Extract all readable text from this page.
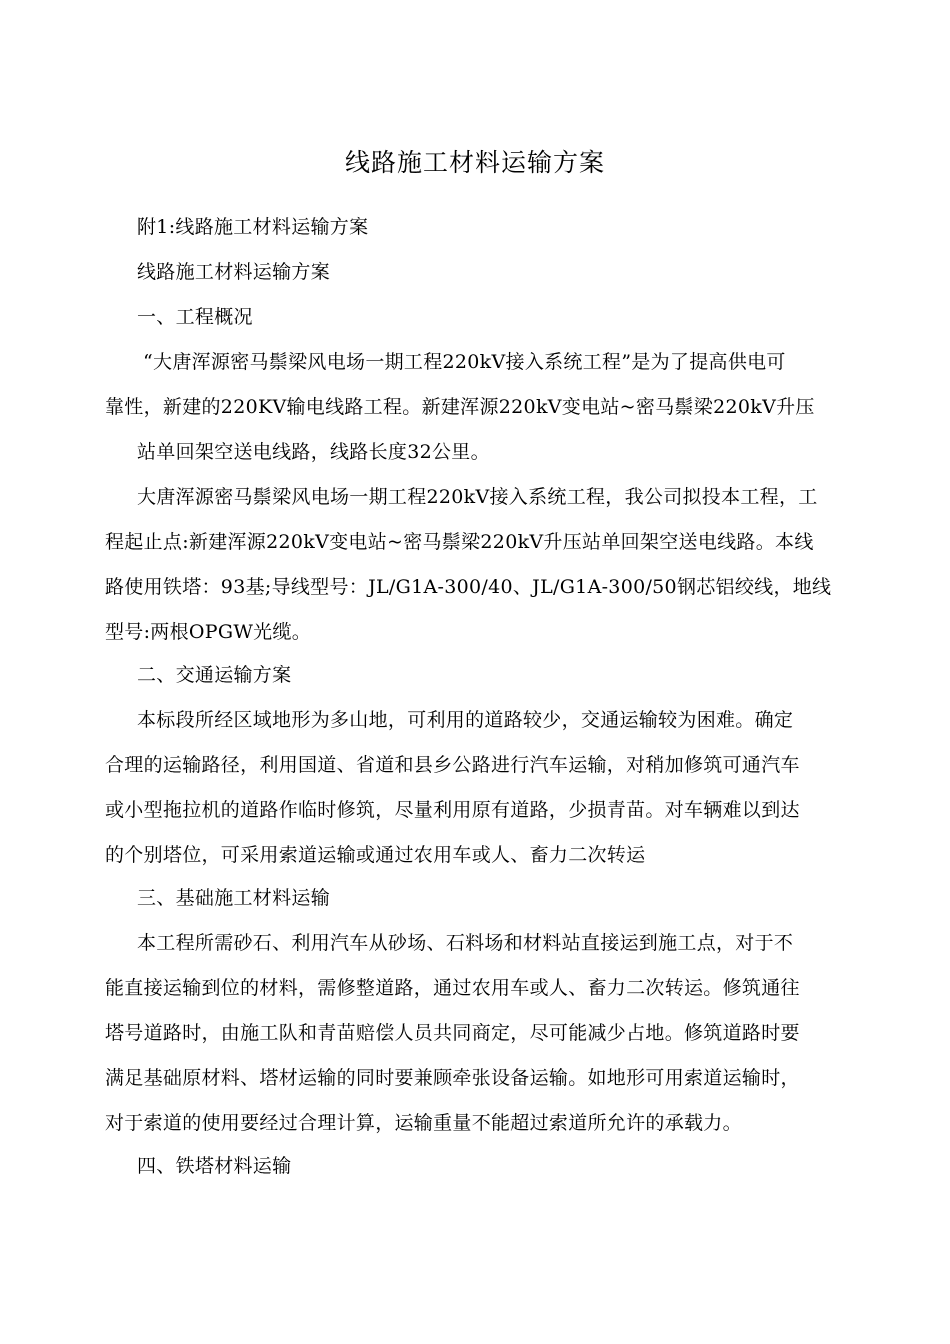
线路施工材料运输方案
附1:线路施工材料运输方案
线路施工材料运输方案
一、工程概况
“大唐浑源密马鬃梁风电场一期工程220kV接入系统工程”是为了提高供电可
靠性，新建的220KV输电线路工程。新建浑源220kV变电站~密马鬃梁220kV升压
站单回架空送电线路，线路长度32公里。
大唐浑源密马鬃梁风电场一期工程220kV接入系统工程，我公司拟投本工程，工
程起止点:新建浑源220kV变电站~密马鬃梁220kV升压站单回架空送电线路。本线
路使用铁塔：93基;导线型号：JL/G1A-300/40、JL/G1A-300/50钢芯铝绞线，地线
型号:两根OPGW光缆。
二、交通运输方案
本标段所经区域地形为多山地，可利用的道路较少，交通运输较为困难。确定
合理的运输路径，利用国道、省道和县乡公路进行汽车运输，对稍加修筑可通汽车
或小型拖拉机的道路作临时修筑，尽量利用原有道路，少损青苗。对车辆难以到达
的个别塔位，可采用索道运输或通过农用车或人、畜力二次转运
三、基础施工材料运输
本工程所需砂石、利用汽车从砂场、石料场和材料站直接运到施工点，对于不
能直接运输到位的材料，需修整道路，通过农用车或人、畜力二次转运。修筑通往
塔号道路时，由施工队和青苗赔偿人员共同商定，尽可能减少占地。修筑道路时要
满足基础原材料、塔材运输的同时要兼顾牵张设备运输。如地形可用索道运输时，
对于索道的使用要经过合理计算，运输重量不能超过索道所允许的承载力。
四、铁塔材料运输
